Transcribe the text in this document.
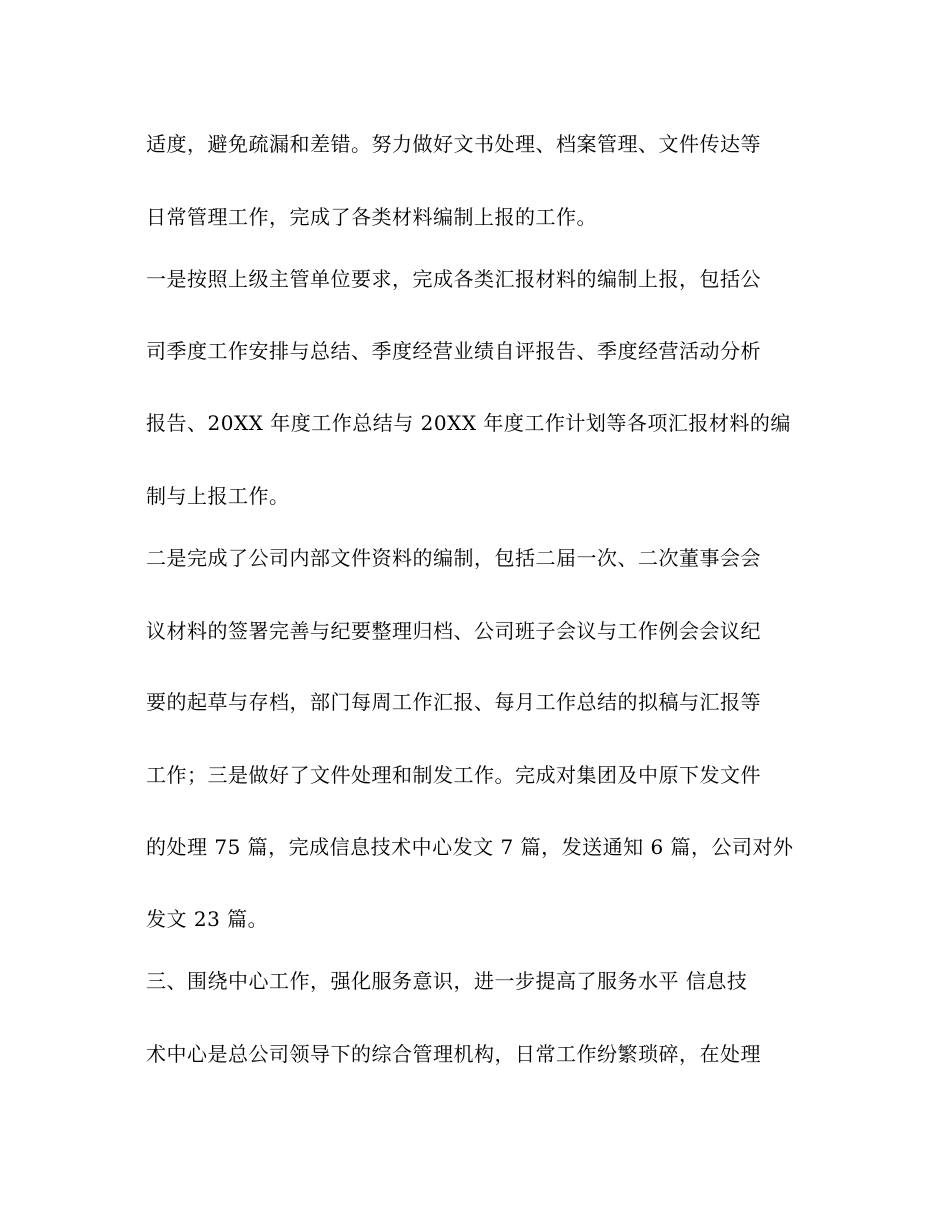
适度，避免疏漏和差错。努力做好文书处理、档案管理、文件传达等
日常管理工作，完成了各类材料编制上报的工作。
一是按照上级主管单位要求，完成各类汇报材料的编制上报，包括公
司季度工作安排与总结、季度经营业绩自评报告、季度经营活动分析
报告、20XX 年度工作总结与 20XX 年度工作计划等各项汇报材料的编
制与上报工作。
二是完成了公司内部文件资料的编制，包括二届一次、二次董事会会
议材料的签署完善与纪要整理归档、公司班子会议与工作例会会议纪
要的起草与存档，部门每周工作汇报、每月工作总结的拟稿与汇报等
工作；三是做好了文件处理和制发工作。完成对集团及中原下发文件
的处理 75 篇，完成信息技术中心发文 7 篇，发送通知 6 篇，公司对外
发文 23 篇。
三、围绕中心工作，强化服务意识，进一步提高了服务水平 信息技
术中心是总公司领导下的综合管理机构，日常工作纷繁琐碎，在处理
